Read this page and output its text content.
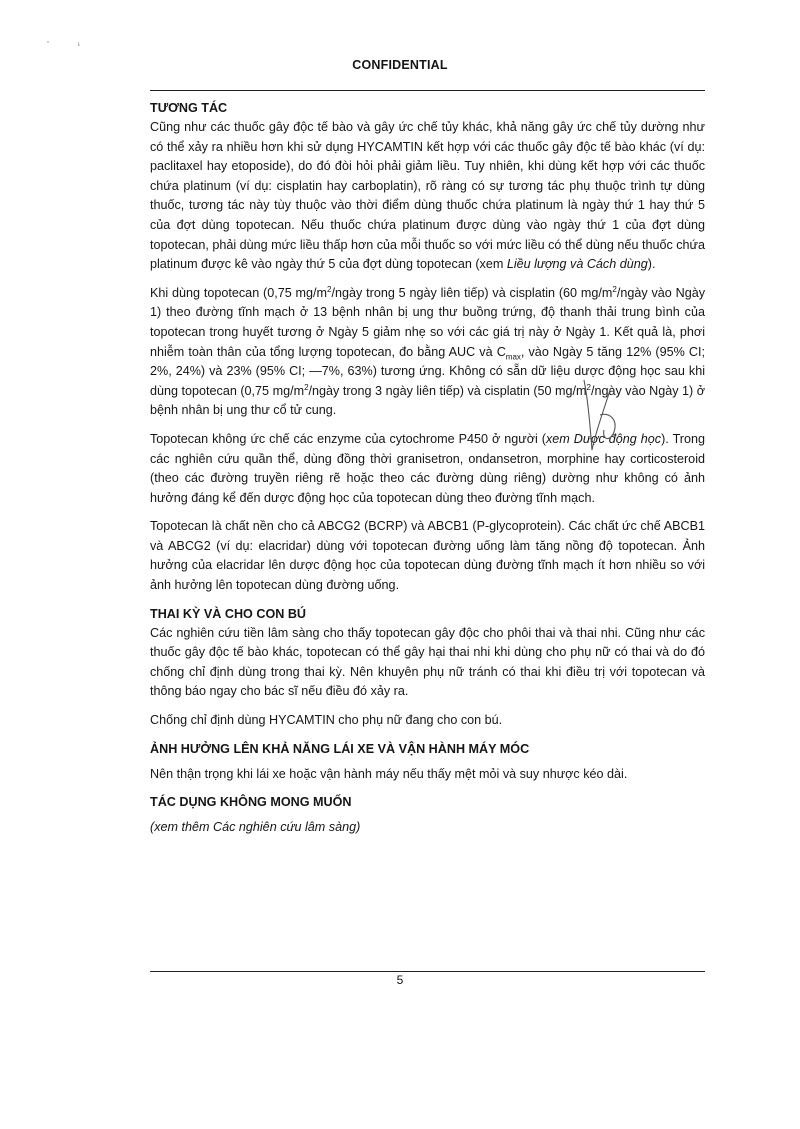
CONFIDENTIAL
TƯƠNG TÁC

Cũng như các thuốc gây độc tế bào và gây ức chế tủy khác, khả năng gây ức chế tủy dường như có thể xảy ra nhiều hơn khi sử dụng HYCAMTIN kết hợp với các thuốc gây độc tế bào khác (ví dụ: paclitaxel hay etoposide), do đó đòi hỏi phải giảm liều. Tuy nhiên, khi dùng kết hợp với các thuốc chứa platinum (ví dụ: cisplatin hay carboplatin), rõ ràng có sự tương tác phụ thuộc trình tự dùng thuốc, tương tác này tùy thuộc vào thời điểm dùng thuốc chứa platinum là ngày thứ 1 hay thứ 5 của đợt dùng topotecan. Nếu thuốc chứa platinum được dùng vào ngày thứ 1 của đợt dùng topotecan, phải dùng mức liều thấp hơn của mỗi thuốc so với mức liều có thể dùng nếu thuốc chứa platinum được kê vào ngày thứ 5 của đợt dùng topotecan (xem Liều lượng và Cách dùng).

Khi dùng topotecan (0,75 $mg/m^2$/ngày trong 5 ngày liên tiếp) và cisplatin (60 $mg/m^2$/ngày vào Ngày 1) theo đường tĩnh mạch ở 13 bệnh nhân bị ung thư buồng trứng, độ thanh thải trung bình của topotecan trong huyết tương ở Ngày 5 giảm nhẹ so với các giá trị này ở Ngày 1. Kết quả là, phơi nhiễm toàn thân của tổng lượng topotecan, đo bằng AUC và $C_{max}$, vào Ngày 5 tăng 12% (95% CI; 2%, 24%) và 23% (95% CI; —7%, 63%) tương ứng. Không có sẵn dữ liệu dược động học sau khi dùng topotecan (0,75 $mg/m^2$/ngày trong 3 ngày liên tiếp) và cisplatin (50 $mg/m^2$/ngày vào Ngày 1) ở bệnh nhân bị ung thư cổ tử cung.

Topotecan không ức chế các enzyme của cytochrome P450 ở người (xem Dược động học). Trong các nghiên cứu quần thể, dùng đồng thời granisetron, ondansetron, morphine hay corticosteroid (theo các đường truyền riêng rẽ hoặc theo các đường dùng riêng) dường như không có ảnh hưởng đáng kể đến dược động học của topotecan dùng theo đường tĩnh mạch.

Topotecan là chất nền cho cả ABCG2 (BCRP) và ABCB1 (P-glycoprotein). Các chất ức chế ABCB1 và ABCG2 (ví dụ: elacridar) dùng với topotecan đường uống làm tăng nồng độ topotecan. Ảnh hưởng của elacridar lên dược động học của topotecan dùng đường tĩnh mạch ít hơn nhiều so với ảnh hưởng lên topotecan dùng đường uống.

THAI KỲ VÀ CHO CON BÚ

Các nghiên cứu tiền lâm sàng cho thấy topotecan gây độc cho phôi thai và thai nhi. Cũng như các thuốc gây độc tế bào khác, topotecan có thể gây hại thai nhi khi dùng cho phụ nữ có thai và do đó chống chỉ định dùng trong thai kỳ. Nên khuyên phụ nữ tránh có thai khi điều trị với topotecan và thông báo ngay cho bác sĩ nếu điều đó xảy ra.

Chống chỉ định dùng HYCAMTIN cho phụ nữ đang cho con bú.

ẢNH HƯỞNG LÊN KHẢ NĂNG LÁI XE VÀ VẬN HÀNH MÁY MÓC

Nên thận trọng khi lái xe hoặc vận hành máy nếu thấy mệt mỏi và suy nhược kéo dài.

TÁC DỤNG KHÔNG MONG MUỐN

(xem thêm Các nghiên cứu lâm sàng)

5
